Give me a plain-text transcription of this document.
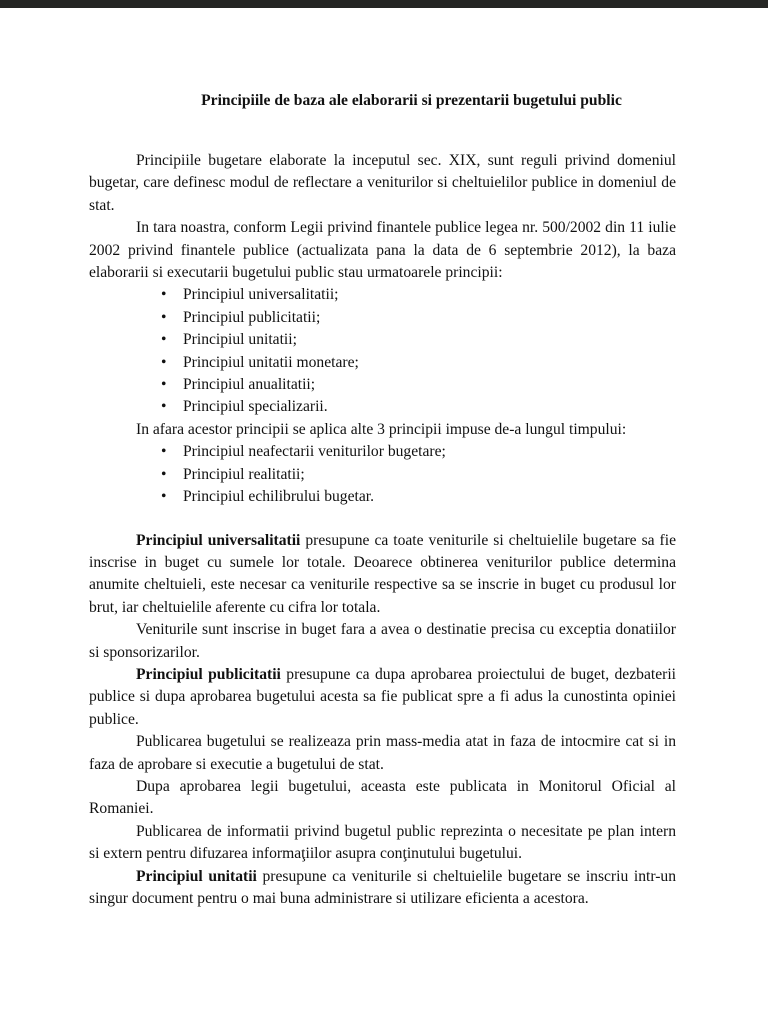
Principiile de baza ale elaborarii si prezentarii bugetului public

Principiile bugetare elaborate la inceputul sec. XIX, sunt reguli privind domeniul bugetar, care definesc modul de reflectare a veniturilor si cheltuielilor publice in domeniul de stat.

In tara noastra, conform Legii privind finantele publice legea nr. 500/2002 din 11 iulie 2002 privind finantele publice (actualizata pana la data de 6 septembrie 2012), la baza elaborarii si executarii bugetului public stau urmatoarele principii:

• Principiul universalitatii;
• Principiul publicitatii;
• Principiul unitatii;
• Principiul unitatii monetare;
• Principiul anualitatii;
• Principiul specializarii.

In afara acestor principii se aplica alte 3 principii impuse de-a lungul timpului:

• Principiul neafectarii veniturilor bugetare;
• Principiul realitatii;
• Principiul echilibrului bugetar.

Principiul universalitatii presupune ca toate veniturile si cheltuielile bugetare sa fie inscrise in buget cu sumele lor totale. Deoarece obtinerea veniturilor publice determina anumite cheltuieli, este necesar ca veniturile respective sa se inscrie in buget cu produsul lor brut, iar cheltuielile aferente cu cifra lor totala.

Veniturile sunt inscrise in buget fara a avea o destinatie precisa cu exceptia donatiilor si sponsorizarilor.

Principiul publicitatii presupune ca dupa aprobarea proiectului de buget, dezbaterii publice si dupa aprobarea bugetului acesta sa fie publicat spre a fi adus la cunostinta opiniei publice.

Publicarea bugetului se realizeaza prin mass-media atat in faza de intocmire cat si in faza de aprobare si executie a bugetului de stat.

Dupa aprobarea legii bugetului, aceasta este publicata in Monitorul Oficial al Romaniei.

Publicarea de informatii privind bugetul public reprezinta o necesitate pe plan intern si extern pentru difuzarea informaţiilor asupra conţinutului bugetului.

Principiul unitatii presupune ca veniturile si cheltuielile bugetare se inscriu intr-un singur document pentru o mai buna administrare si utilizare eficienta a acestora.
